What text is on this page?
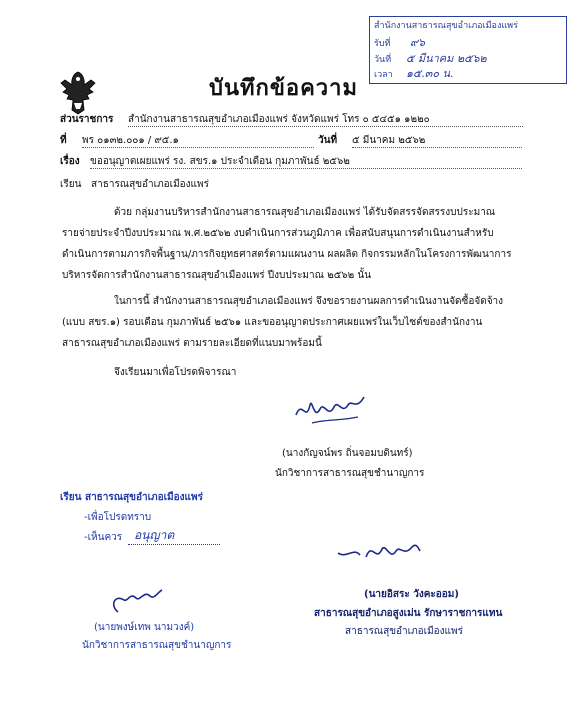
สำนักงานสาธารณสุขอำเภอเมืองแพร่
รับที่ ๙๖
วันที่ ๕ มีนาคม ๒๕๖๒
เวลา ๑๕.๓๐ น.
บันทึกข้อความ
ส่วนราชการ สำนักงานสาธารณสุขอำเภอเมืองแพร่ จังหวัดแพร่ โทร ๐ ๕๔๕๑ ๑๒๒๐
ที่ พร ๐๑๓๒.๐๐๑ / ๙๕.๑	วันที่ ๕ มีนาคม ๒๕๖๒
เรื่อง ขออนุญาตเผยแพร่ รง. สขร.๑ ประจำเดือน กุมภาพันธ์ ๒๕๖๒
เรียน สาธารณสุขอำเภอเมืองแพร่
ด้วย กลุ่มงานบริหารสำนักงานสาธารณสุขอำเภอเมืองแพร่ ได้รับจัดสรรจัดสรรงบประมาณ
รายจ่ายประจำปีงบประมาณ พ.ศ.๒๕๖๒ งบดำเนินการส่วนภูมิภาค เพื่อสนับสนุนการดำเนินงานสำหรับ
ดำเนินการตามภารกิจพื้นฐาน/ภารกิจยุทธศาสตร์ตามแผนงาน ผลผลิต กิจกรรมหลักในโครงการพัฒนาการ
บริหารจัดการสำนักงานสาธารณสุขอำเมืองแพร่ ปีงบประมาณ ๒๕๖๒ นั้น
ในการนี้ สำนักงานสาธารณสุขอำเภอเมืองแพร่ จึงขอรายงานผลการดำเนินงานจัดซื้อจัดจ้าง
(แบบ สขร.๑) รอบเดือน กุมภาพันธ์ ๒๕๖๑ และขออนุญาตประกาศเผยแพร่ในเว็บไซต์ของสำนักงาน
สาธารณสุขอำเภอเมืองแพร่ ตามรายละเอียดที่แนบมาพร้อมนี้
จึงเรียนมาเพื่อโปรดพิจารณา
(นางกัญจน์พร ถิ่นจอมบดินทร์)
นักวิชาการสาธารณสุขชำนาญการ
เรียน สาธารณสุขอำเภอเมืองแพร่
-เพื่อโปรดทราบ
-เห็นควร อนุญาต
(นายพงษ์เทพ นามวงค์)
นักวิชาการสาธารณสุขชำนาญการ
(นายอิสระ วังคะออม)
สาธารณสุขอำเภอสูงเม่น รักษาราชการแทน
สาธารณสุขอำเภอเมืองแพร่
